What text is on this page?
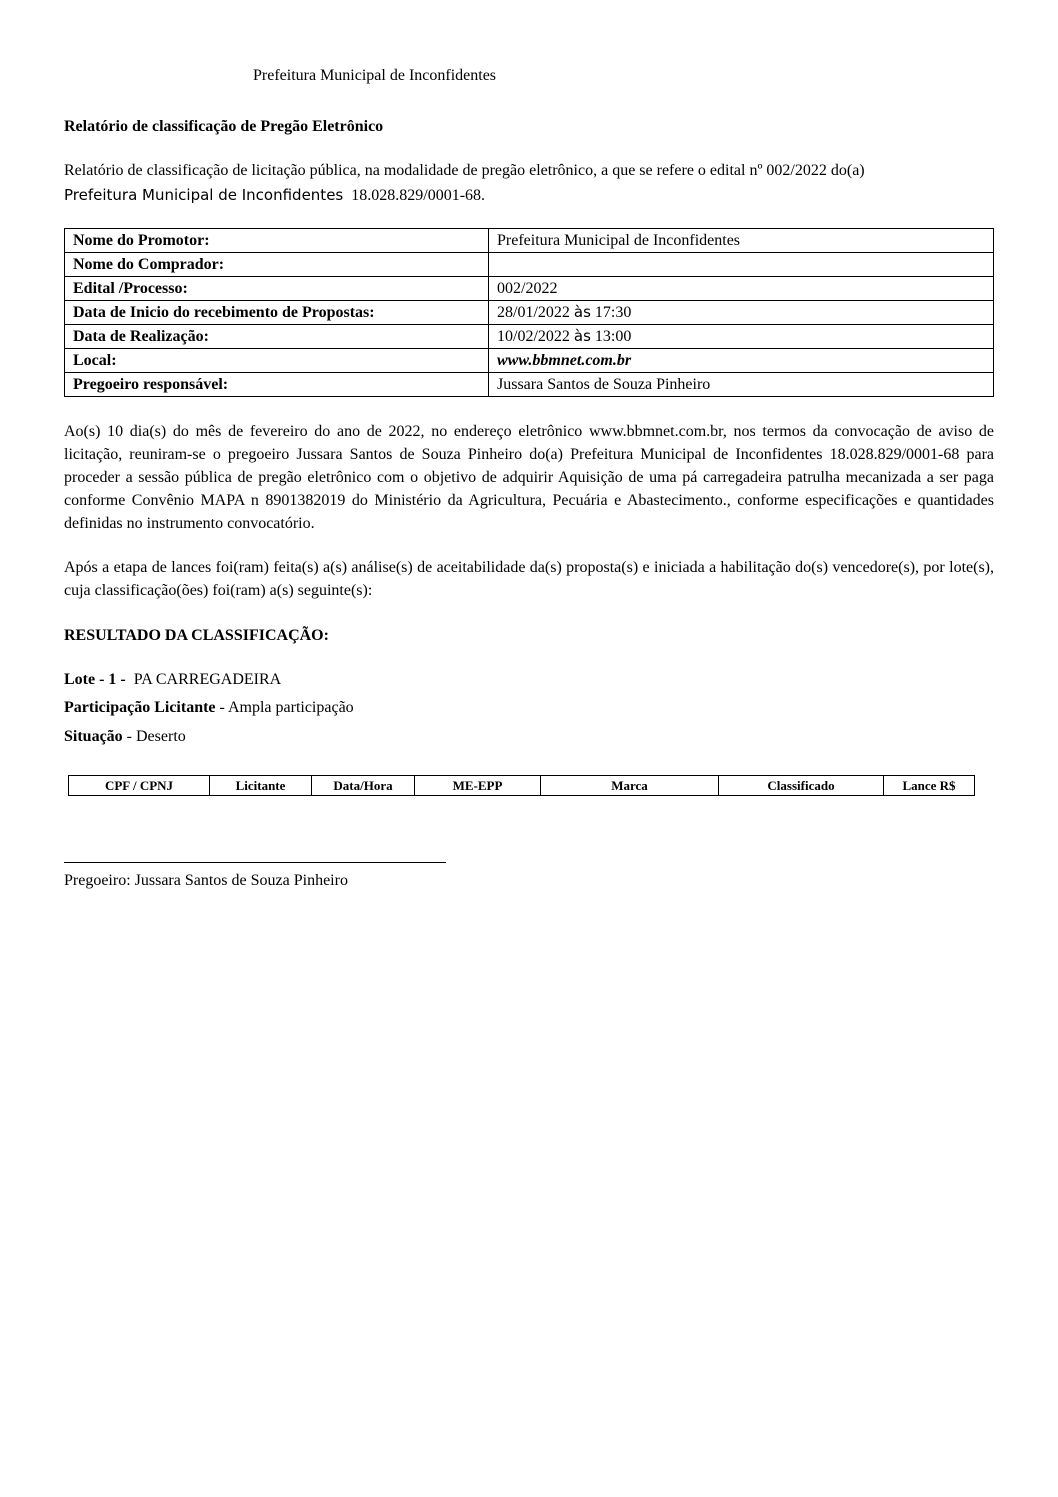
Prefeitura Municipal de Inconfidentes
Relatório de classificação de Pregão Eletrônico
Relatório de classificação de licitação pública, na modalidade de pregão eletrônico, a que se refere o edital nº 002/2022 do(a)
Prefeitura Municipal de Inconfidentes 18.028.829/0001-68.
Nome do Promotor:	Prefeitura Municipal de Inconfidentes
Nome do Comprador:	
Edital /Processo:	002/2022
Data de Inicio do recebimento de Propostas:	28/01/2022 às 17:30
Data de Realização:	10/02/2022 às 13:00
Local:	www.bbmnet.com.br
Pregoeiro responsável:	Jussara Santos de Souza Pinheiro
Ao(s) 10 dia(s) do mês de fevereiro do ano de 2022, no endereço eletrônico www.bbmnet.com.br, nos termos da convocação de aviso de licitação, reuniram-se o pregoeiro Jussara Santos de Souza Pinheiro do(a) Prefeitura Municipal de Inconfidentes 18.028.829/0001-68 para proceder a sessão pública de pregão eletrônico com o objetivo de adquirir Aquisição de uma pá carregadeira patrulha mecanizada a ser paga conforme Convênio MAPA n 8901382019 do Ministério da Agricultura, Pecuária e Abastecimento., conforme especificações e quantidades definidas no instrumento convocatório.
Após a etapa de lances foi(ram) feita(s) a(s) análise(s) de aceitabilidade da(s) proposta(s) e iniciada a habilitação do(s) vencedore(s), por lote(s), cuja classificação(ões) foi(ram) a(s) seguinte(s):
RESULTADO DA CLASSIFICAÇÃO:
Lote - 1 - PA CARREGADEIRA
Participação Licitante - Ampla participação
Situação - Deserto
CPF / CPNJ	Licitante	Data/Hora	ME-EPP	Marca	Classificado	Lance R$
Pregoeiro: Jussara Santos de Souza Pinheiro
